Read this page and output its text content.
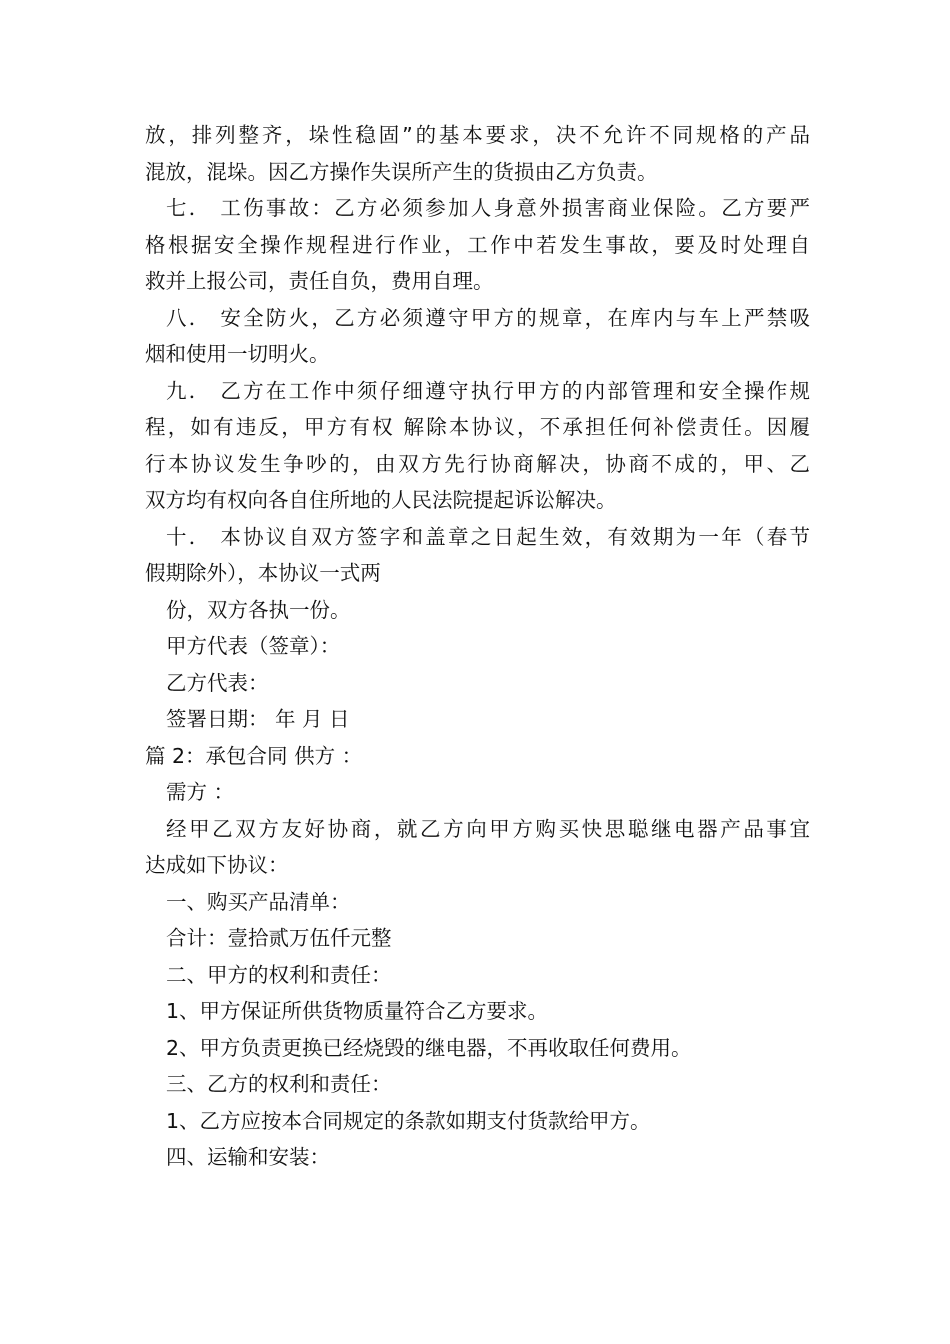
放，排列整齐，垛性稳固”的基本要求，决不允许不同规格的产品
混放，混垛。因乙方操作失误所产生的货损由乙方负责。
七． 工伤事故：乙方必须参加人身意外损害商业保险。乙方要严
格根据安全操作规程进行作业，工作中若发生事故，要及时处理自
救并上报公司，责任自负，费用自理。
八． 安全防火，乙方必须遵守甲方的规章，在库内与车上严禁吸
烟和使用一切明火。
九． 乙方在工作中须仔细遵守执行甲方的内部管理和安全操作规
程，如有违反，甲方有权 解除本协议，不承担任何补偿责任。因履
行本协议发生争吵的，由双方先行协商解决，协商不成的，甲、乙
双方均有权向各自住所地的人民法院提起诉讼解决。
十． 本协议自双方签字和盖章之日起生效，有效期为一年（春节
假期除外），本协议一式两
份，双方各执一份。
甲方代表（签章）：
乙方代表：
签署日期： 年 月 日
篇 2：承包合同 供方 ：
需方 ：
经甲乙双方友好协商，就乙方向甲方购买快思聪继电器产品事宜
达成如下协议：
一、购买产品清单：
合计：壹拾贰万伍仟元整
二、甲方的权利和责任：
1、甲方保证所供货物质量符合乙方要求。
2、甲方负责更换已经烧毁的继电器，不再收取任何费用。
三、乙方的权利和责任：
1、乙方应按本合同规定的条款如期支付货款给甲方。
四、运输和安装：
